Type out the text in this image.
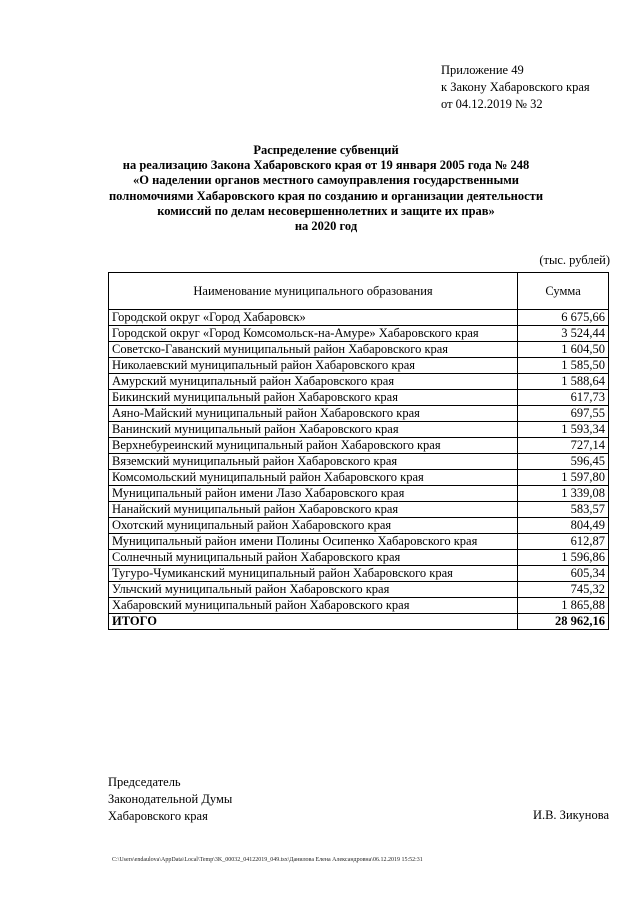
Приложение 49
к Закону Хабаровского края
от 04.12.2019 № 32
Распределение субвенций
на реализацию Закона Хабаровского края от 19 января 2005 года № 248
«О наделении органов местного самоуправления государственными
полномочиями Хабаровского края по созданию и организации деятельности
комиссий по делам несовершеннолетних и защите их прав»
на 2020 год
(тыс. рублей)
Наименование муниципального образования	Сумма
Городской округ «Город Хабаровск»	6 675,66
Городской округ «Город Комсомольск-на-Амуре» Хабаровского края	3 524,44
Советско-Гаванский муниципальный район Хабаровского края	1 604,50
Николаевский муниципальный район Хабаровского края	1 585,50
Амурский муниципальный район Хабаровского края	1 588,64
Бикинский муниципальный район Хабаровского края	617,73
Аяно-Майский муниципальный район Хабаровского края	697,55
Ванинский муниципальный район Хабаровского края	1 593,34
Верхнебуреинский муниципальный район Хабаровского края	727,14
Вяземский муниципальный район Хабаровского края	596,45
Комсомольский муниципальный район Хабаровского края	1 597,80
Муниципальный район имени Лазо Хабаровского края	1 339,08
Нанайский муниципальный район Хабаровского края	583,57
Охотский муниципальный район Хабаровского края	804,49
Муниципальный район имени Полины Осипенко Хабаровского края	612,87
Солнечный муниципальный район Хабаровского края	1 596,86
Тугуро-Чумиканский муниципальный район Хабаровского края	605,34
Ульчский муниципальный район Хабаровского края	745,32
Хабаровский муниципальный район Хабаровского края	1 865,88
ИТОГО	28 962,16
Председатель
Законодательной Думы
Хабаровского края	И.В. Зикунова
C:\Users\endaulova\AppData\Local\Temp\3K_00032_04122019_049.tsx\Данилова Елена Александровна\06.12.2019 15:52:31
